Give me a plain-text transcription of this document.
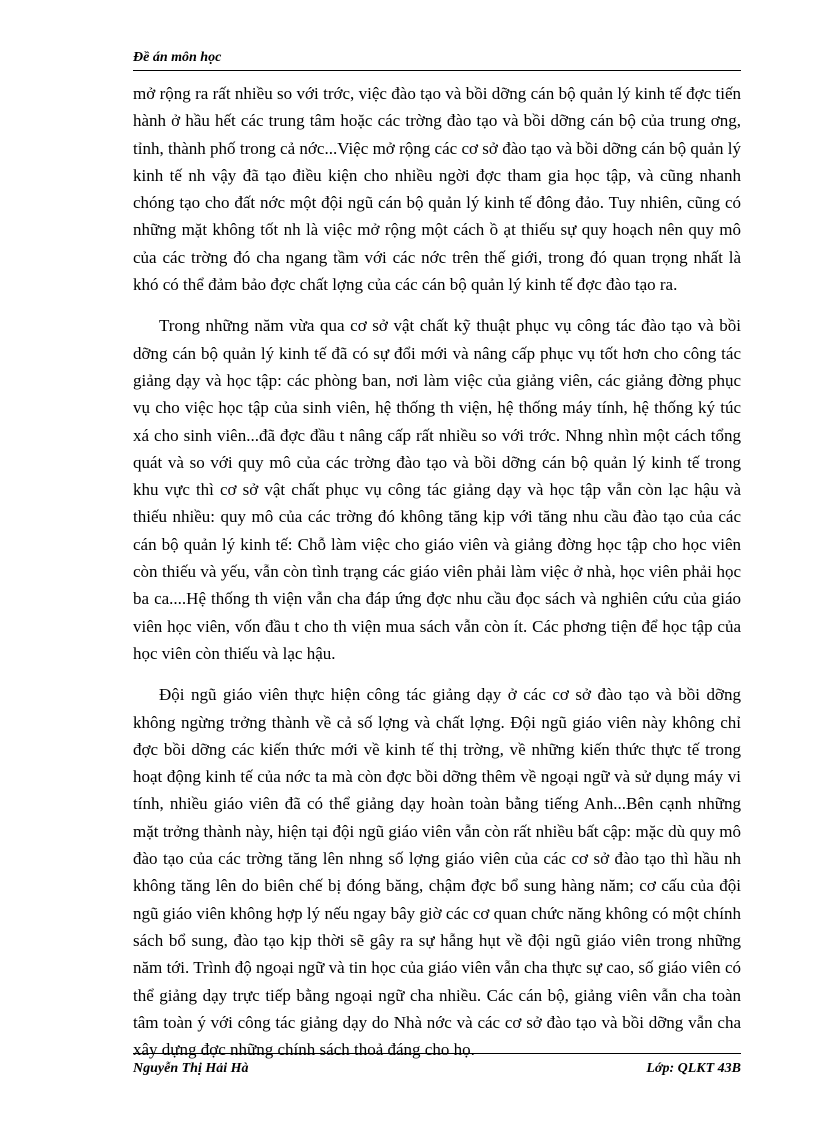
Đề án môn học

mở rộng ra rất nhiều so với trớc, việc đào tạo và bồi dỡng cán bộ quản lý kinh tế đợc tiến hành ở hầu hết các trung tâm hoặc các trờng đào tạo và bồi dỡng cán bộ của trung ơng, tỉnh, thành phố trong cả nớc...Việc mở rộng các cơ sở đào tạo và bồi dỡng cán bộ quản lý kinh tế nh vậy đã tạo điều kiện cho nhiều ngời đợc tham gia học tập, và cũng nhanh chóng tạo cho đất nớc một đội ngũ cán bộ quản lý kinh tế đông đảo. Tuy nhiên, cũng có những mặt không tốt nh là việc mở rộng một cách ồ ạt thiếu sự quy hoạch nên quy mô của các trờng đó cha ngang tầm với các nớc trên thế giới, trong đó quan trọng nhất là khó có thể đảm bảo đợc chất lợng của các cán bộ quản lý kinh tế đợc đào tạo ra.

Trong những năm vừa qua cơ sở vật chất kỹ thuật phục vụ công tác đào tạo và bồi dỡng cán bộ quản lý kinh tế đã có sự đổi mới và nâng cấp phục vụ tốt hơn cho công tác giảng dạy và học tập: các phòng ban, nơi làm việc của giảng viên, các giảng đờng phục vụ cho việc học tập của sinh viên, hệ thống th viện, hệ thống máy tính, hệ thống ký túc xá cho sinh viên...đã đợc đầu t nâng cấp rất nhiều so với trớc. Nhng nhìn một cách tổng quát và so với quy mô của các trờng đào tạo và bồi dỡng cán bộ quản lý kinh tế trong khu vực thì cơ sở vật chất phục vụ công tác giảng dạy và học tập vẫn còn lạc hậu và thiếu nhiều: quy mô của các trờng đó không tăng kịp với tăng nhu cầu đào tạo của các cán bộ quản lý kinh tế: Chỗ làm việc cho giáo viên và giảng đờng học tập cho học viên còn thiếu và yếu, vẫn còn tình trạng các giáo viên phải làm việc ở nhà, học viên phải học ba ca....Hệ thống th viện vẫn cha đáp ứng đợc nhu cầu đọc sách và nghiên cứu của giáo viên học viên, vốn đầu t cho th viện mua sách vẫn còn ít. Các phơng tiện để học tập của học viên còn thiếu và lạc hậu.

Đội ngũ giáo viên thực hiện công tác giảng dạy ở các cơ sở đào tạo và bồi dỡng không ngừng trởng thành về cả số lợng và chất lợng. Đội ngũ giáo viên này không chỉ đợc bồi dỡng các kiến thức mới về kinh tế thị trờng, về những kiến thức thực tế trong hoạt động kinh tế của nớc ta mà còn đợc bồi dỡng thêm về ngoại ngữ và sử dụng máy vi tính, nhiều giáo viên đã có thể giảng dạy hoàn toàn bằng tiếng Anh...Bên cạnh những mặt trởng thành này, hiện tại đội ngũ giáo viên vẫn còn rất nhiều bất cập: mặc dù quy mô đào tạo của các trờng tăng lên nhng số lợng giáo viên của các cơ sở đào tạo thì hầu nh không tăng lên do biên chế bị đóng băng, chậm đợc bổ sung hàng năm; cơ cấu của đội ngũ giáo viên không hợp lý nếu ngay bây giờ các cơ quan chức năng không có một chính sách bổ sung, đào tạo kịp thời sẽ gây ra sự hẫng hụt về đội ngũ giáo viên trong những năm tới. Trình độ ngoại ngữ và tin học của giáo viên vẫn cha thực sự cao, số giáo viên có thể giảng dạy trực tiếp bằng ngoại ngữ cha nhiều. Các cán bộ, giảng viên vẫn cha toàn tâm toàn ý với công tác giảng dạy do Nhà nớc và các cơ sở đào tạo và bồi dỡng vẫn cha xây dựng đợc những chính sách thoả đáng cho họ.

Nguyễn Thị Hải Hà	Lớp: QLKT 43B
